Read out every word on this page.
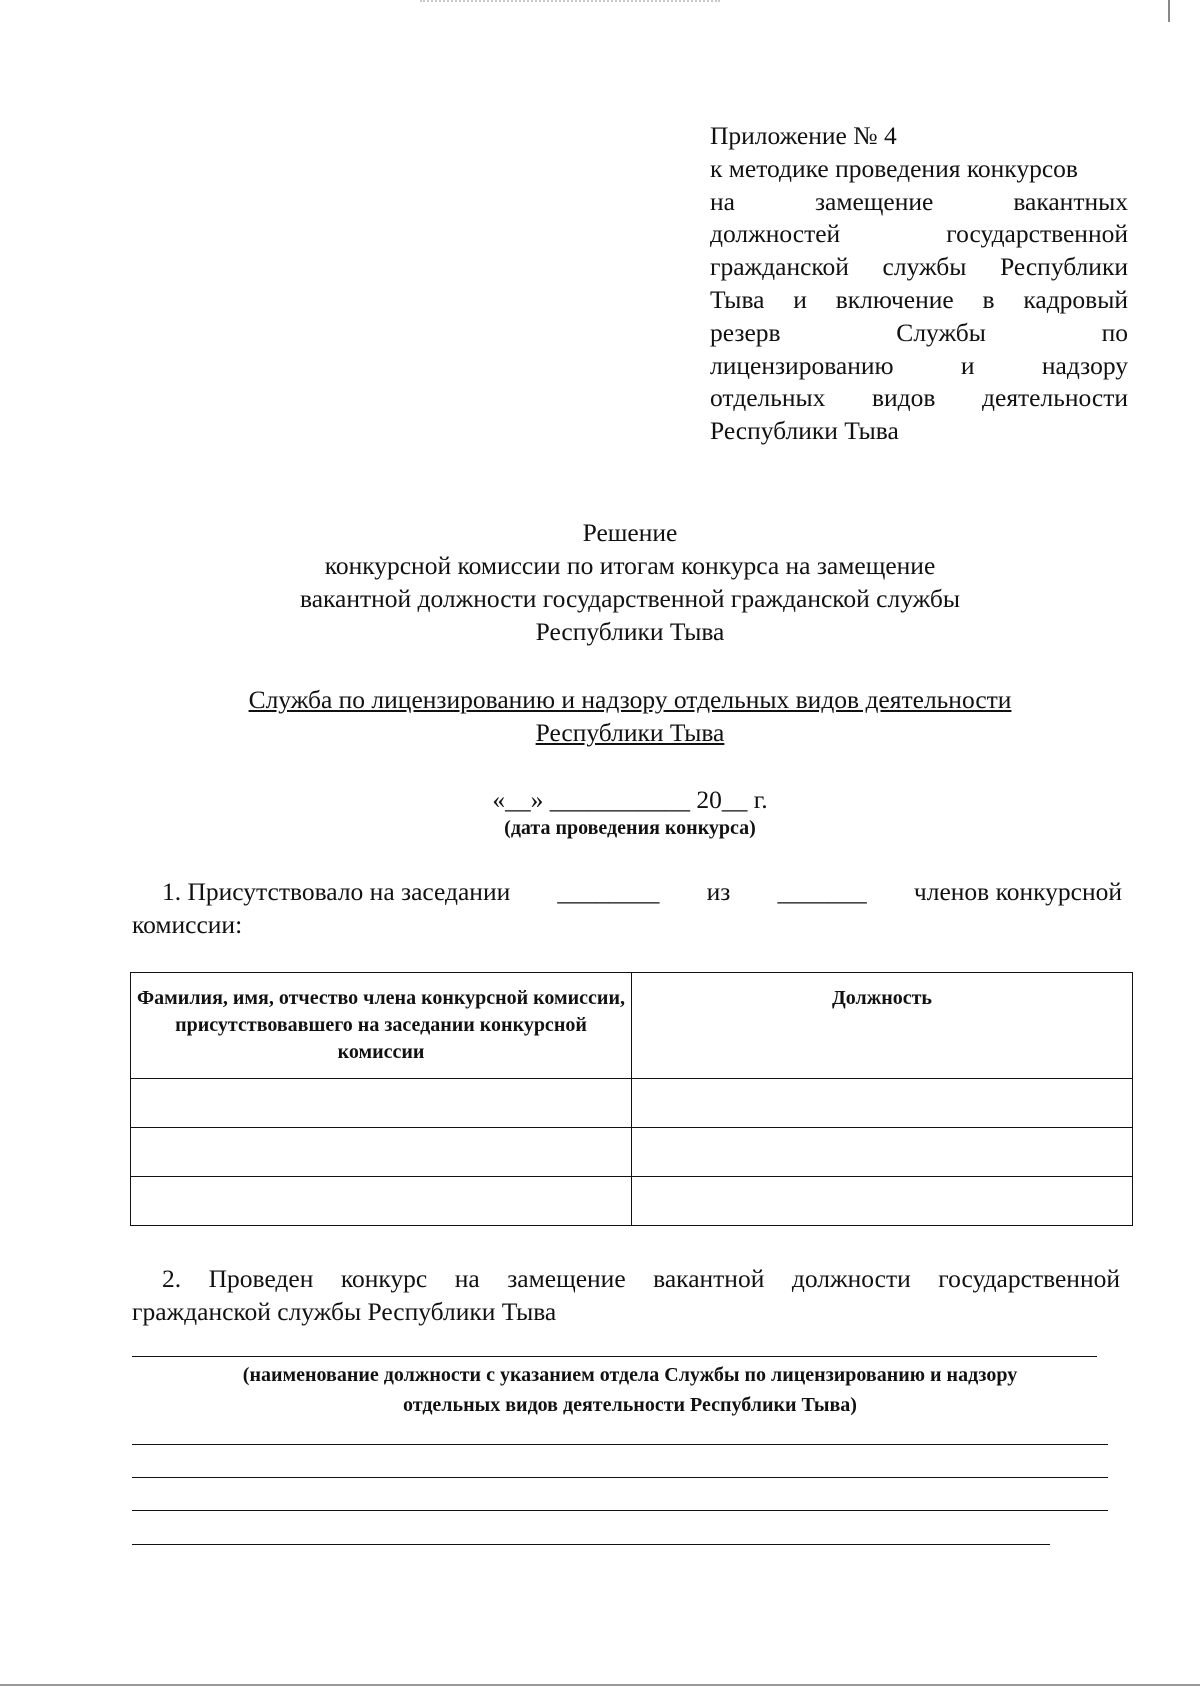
Приложение № 4
к методике проведения конкурсов
на замещение вакантных
должностей государственной
гражданской службы Республики
Тыва и включение в кадровый
резерв Службы по
лицензированию и надзору
отдельных видов деятельности
Республики Тыва
Решение
конкурсной комиссии по итогам конкурса на замещение
вакантной должности государственной гражданской службы
Республики Тыва
Служба по лицензированию и надзору отдельных видов деятельности
Республики Тыва
«__» ___________ 20__ г.
(дата проведения конкурса)
1. Присутствовало на заседании ________ из _______ членов конкурсной
комиссии:
Фамилия, имя, отчество члена конкурсной комиссии, присутствовавшего на заседании конкурсной комиссии	Должность

2. Проведен конкурс на замещение вакантной должности государственной
гражданской службы Республики Тыва
(наименование должности с указанием отдела Службы по лицензированию и надзору
отдельных видов деятельности Республики Тыва)
